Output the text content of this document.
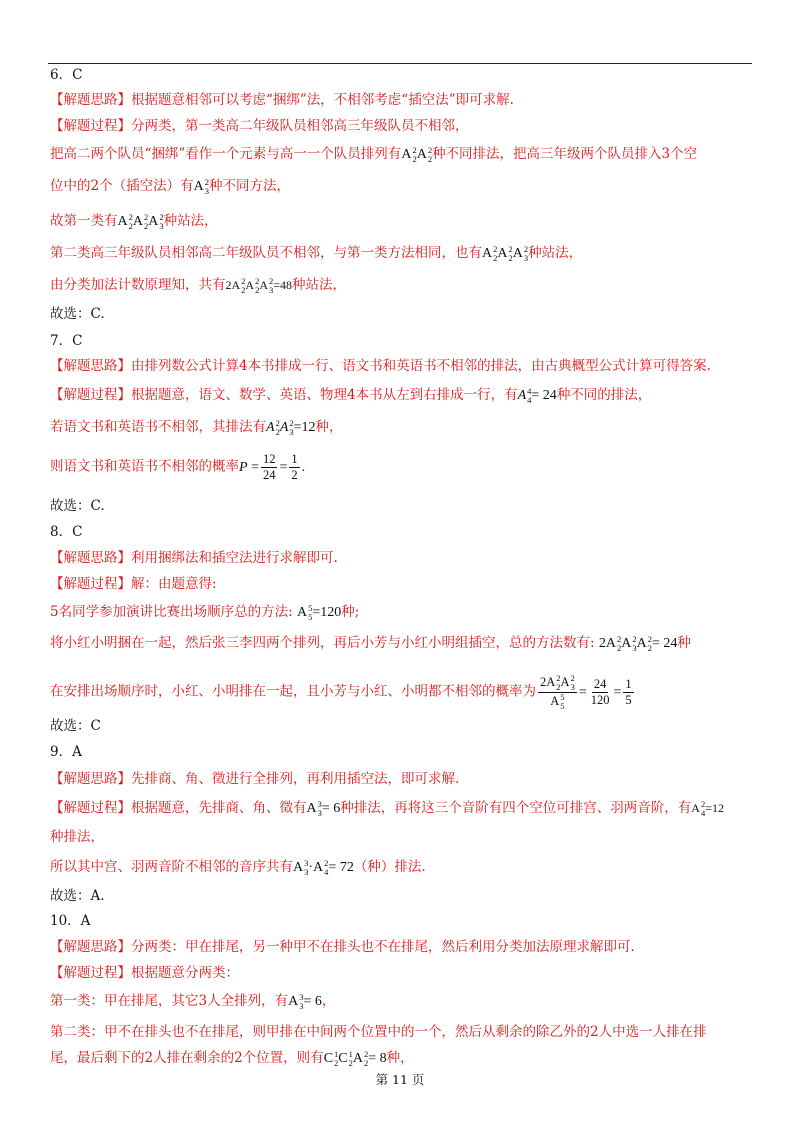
6．C
【解题思路】根据题意相邻可以考虑“捆绑”法，不相邻考虑“插空法”即可求解.
【解题过程】分两类，第一类高二年级队员相邻高三年级队员不相邻，
把高二两个队员“捆绑”看作一个元素与高一一个队员排列有A 2
2 A 2
2 种不同排法，把高三年级两个队员排入3个空
位中的2个（插空法）有A 2
3 种不同方法，
故第一类有A 2
2 A 2
2 A 2
3 种站法，
第二类高三年级队员相邻高二年级队员不相邻，与第一类方法相同，也有A 2
2 A 2
2 A 2
3 种站法，
由分类加法计数原理知，共有2A 2
2 A 2
2 A 2
3 =48种站法，
故选：C.
7．C
【解题思路】由排列数公式计算4本书排成一行、语文书和英语书不相邻的排法，由古典概型公式计算可得答案.
【解题过程】根据题意，语文、数学、英语、物理4本书从左到右排成一行，有A 4
4 = 24种不同的排法，
若语文书和英语书不相邻，其排法有A 2
2 A 2
3 =12种，
则语文书和英语书不相邻的概率$P = \frac{12}{24} = \frac{1}{2}$ .
故选：C.
8．C
【解题思路】利用捆绑法和插空法进行求解即可.
【解题过程】解：由题意得:
5名同学参加演讲比赛出场顺序总的方法: A 5
5 =120种;
将小红小明捆在一起，然后张三李四两个排列，再后小芳与小红小明组插空，总的方法数有: 2A 2
2 A 2
3 A 2
2 = 24种
在安排出场顺序时，小红、小明排在一起，且小芳与小红、小明都不相邻的概率为 2A 2
2 A 2
3
A 5
$5 = \frac{24}{120} = \frac{1}{5}$
故选：C
9．A
【解题思路】先排商、角、徵进行全排列，再利用插空法，即可求解.
【解题过程】根据题意，先排商、角、徵有A 3
3 = 6种排法，再将这三个音阶有四个空位可排宫、羽两音阶，有A 2
4 =12
种排法，
所以其中宫、羽两音阶不相邻的音序共有A 3
3 ·A 2
4 = 72（种）排法.
故选：A.
10．A
【解题思路】分两类：甲在排尾，另一种甲不在排头也不在排尾，然后利用分类加法原理求解即可.
【解题过程】根据题意分两类：
第一类：甲在排尾，其它3人全排列，有A 3
3 = 6，
第二类：甲不在排头也不在排尾，则甲排在中间两个位置中的一个，然后从剩余的除乙外的2人中选一人排在排
尾，最后剩下的2人排在剩余的2个位置，则有C 1
2 C 1
2 A 2
2 = 8种，
第 11 页
